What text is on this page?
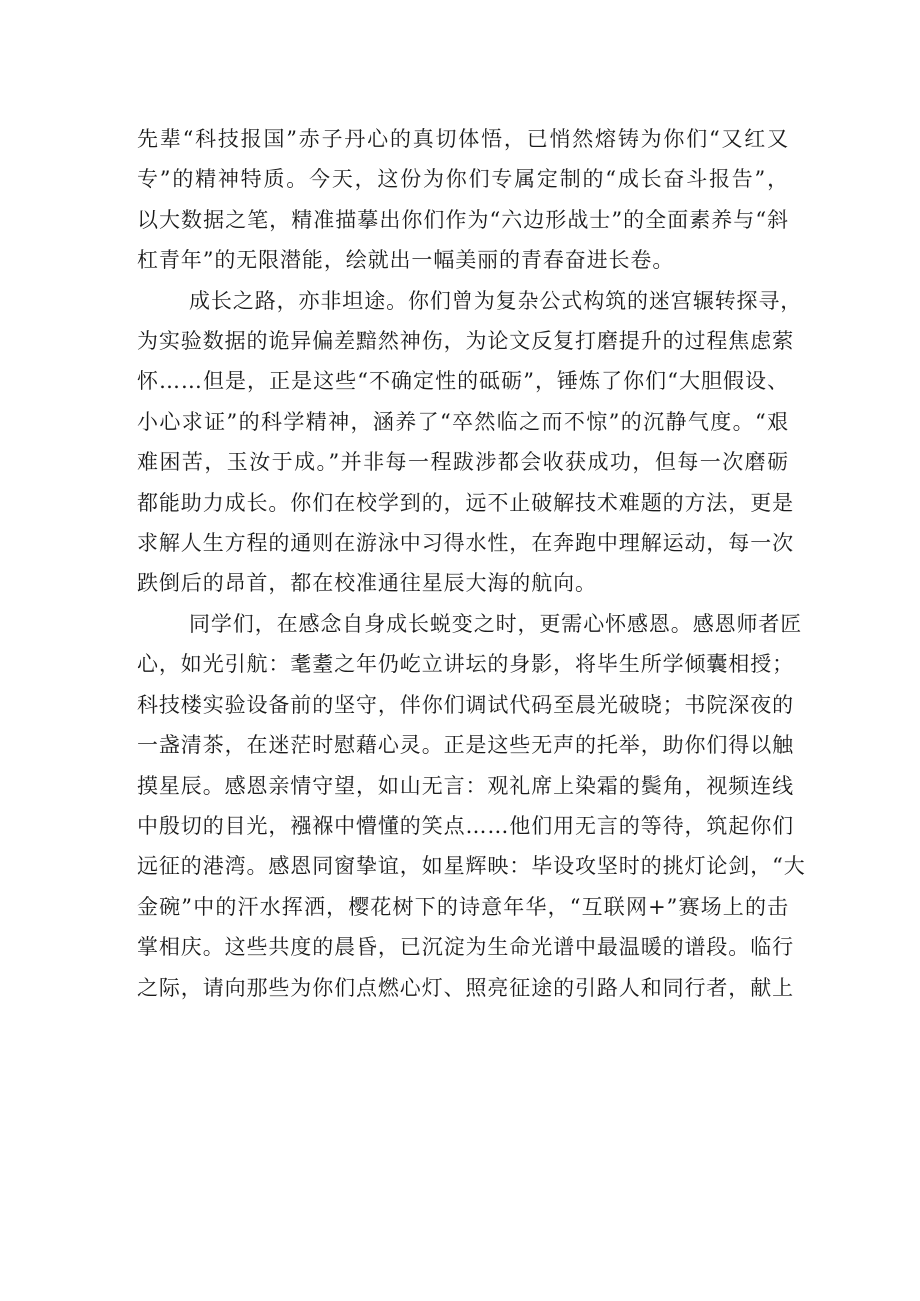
先辈“科技报国”赤子丹心的真切体悟，已悄然熔铸为你们“又红又
专”的精神特质。今天，这份为你们专属定制的“成长奋斗报告”，
以大数据之笔，精准描摹出你们作为“六边形战士”的全面素养与“斜
杠青年”的无限潜能，绘就出一幅美丽的青春奋进长卷。
成长之路，亦非坦途。你们曾为复杂公式构筑的迷宫辗转探寻，
为实验数据的诡异偏差黯然神伤，为论文反复打磨提升的过程焦虑萦
怀……但是，正是这些“不确定性的砥砺”，锤炼了你们“大胆假设、
小心求证”的科学精神，涵养了“卒然临之而不惊”的沉静气度。“艰
难困苦，玉汝于成。”并非每一程跋涉都会收获成功，但每一次磨砺
都能助力成长。你们在校学到的，远不止破解技术难题的方法，更是
求解人生方程的通则在游泳中习得水性，在奔跑中理解运动，每一次
跌倒后的昂首，都在校准通往星辰大海的航向。
同学们，在感念自身成长蜕变之时，更需心怀感恩。感恩师者匠
心，如光引航：耄耋之年仍屹立讲坛的身影，将毕生所学倾囊相授；
科技楼实验设备前的坚守，伴你们调试代码至晨光破晓；书院深夜的
一盏清茶，在迷茫时慰藉心灵。正是这些无声的托举，助你们得以触
摸星辰。感恩亲情守望，如山无言：观礼席上染霜的鬓角，视频连线
中殷切的目光，襁褓中懵懂的笑点……他们用无言的等待，筑起你们
远征的港湾。感恩同窗挚谊，如星辉映：毕设攻坚时的挑灯论剑，“大
金碗”中的汗水挥洒，樱花树下的诗意年华，“互联网+”赛场上的击
掌相庆。这些共度的晨昏，已沉淀为生命光谱中最温暖的谱段。临行
之际，请向那些为你们点燃心灯、照亮征途的引路人和同行者，献上
